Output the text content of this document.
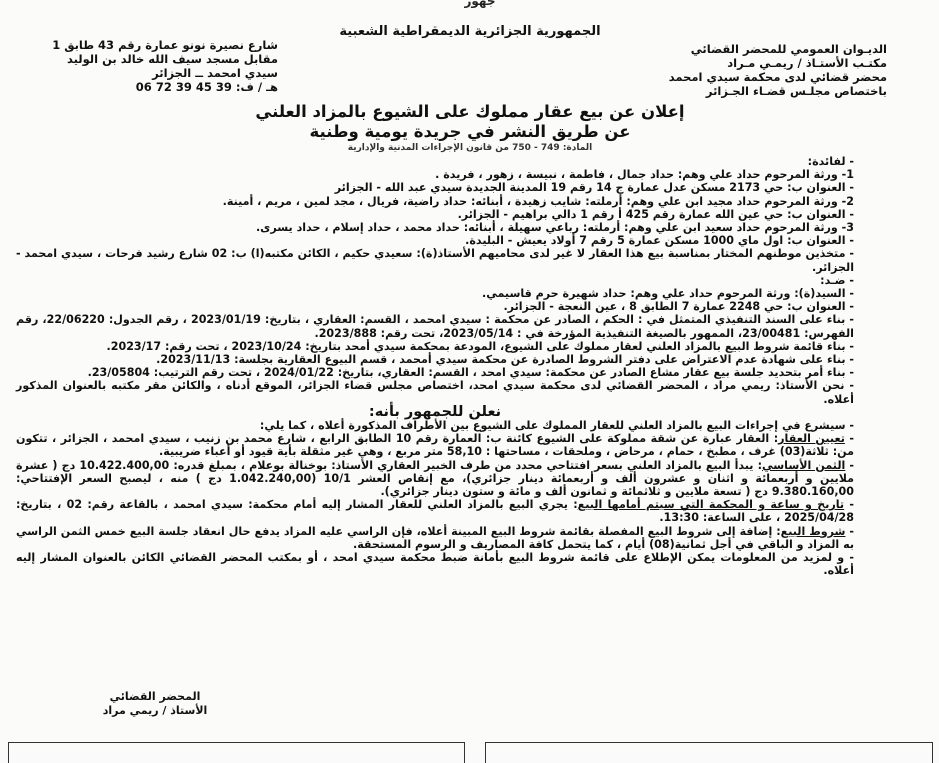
جهور
الجمهورية الجزائرية الديمقراطية الشعبية
الديـوان العمومي للمحضر القضائي
مكتـب الأستـاذ / ريمـي مـراد
محضر قضائي لدى محكمة سيدي امحمد
باختصاص مجلـس قضـاء الجـزائر
شارع نصيرة نونو عمارة رقم 43 طابق 1
مقابل مسجد سيف الله خالد بن الوليد
سيدي امحمد ــ الجزائر
هـ / ف: 39 45 39 72 06
إعلان عن بيع عقار مملوك على الشيوع بالمزاد العلني
عن طريق النشر في جريدة يومية وطنية
المادة: 749 - 750 من قانون الإجراءات المدنية والإدارية

- لفائدة:

1- ورثة المرحوم حداد علي وهم: حداد جمال ، فاطمة ، نبيسة ، زهور ، فريدة .

- العنوان ب: حي 2173 مسكن عدل عمارة ج 14 رقم 19 المدينة الجديدة سيدي عبد الله - الجزائر

2- ورثة المرحوم حداد مجيد ابن علي وهم: أرملته: شايب زهيدة ، أبنائه: حداد راضية، فريال ، مجد لمين ، مريم ، أمينة.

- العنوان ب: حي عين الله عمارة رقم 425 أ رقم 1 دالي براهيم - الجزائر.

3- ورثة المرحوم حداد سعيد ابن علي وهم: أرملته: رباعي سهيلة ، أبنائه: حداد محمد ، حداد إسلام ، حداد يسرى.

- العنوان ب: اول ماي 1000 مسكن عمارة 5 رقم 7 أولاد يعيش - البليدة.

- متخذين موطنهم المختار بمناسبة بيع هذا العقار لا غير لدى محاميهم الأستاذ(ة): سعيدي حكيم ، الكائن مكتبه(ا) ب: 02 شارع رشيد فرحات ، سيدي امحمد - الجزائر.

- ضـد:

- السيد(ة): ورثة المرحوم حداد علي وهم: حداد شهيرة حرم قاسيمي.

- العنوان ب: حي 2248 عمارة 7 الطابق 8 ، عين النعجة - الجزائر.

- بناء على السند التنفيذي المتمثل في : الحكم ، الصادر عن محكمة : سيدي امحمد ، القسم: العقاري ، بتاريخ: 2023/01/19 ، رقم الجدول: 22/06220، رقم الفهرس: 23/00481، الممهور بالصيغة التنفيذية المؤرخة في : 2023/05/14، تحت رقم: 2023/888.

- بناء قائمة شروط البيع بالمزاد العلني لعقار مملوك على الشيوع، المودعة بمحكمة سيدي أمحد بتاريخ: 2023/10/24 ، تحت رقم: 2023/17.

- بناء على شهادة عدم الاعتراض على دفتر الشروط الصادرة عن محكمة سيدي أمحمد ، قسم البيوع العقارية بجلسة: 2023/11/13.

- بناء أمر بتحديد جلسة بيع عقار مشاع الصادر عن محكمة: سيدي امحد ، القسم: العقاري، بتاريخ: 2024/01/22 ، تحت رقم الترتيب: 23/05804.

- نحن الأستاذ: ريمي مراد ، المحضر القضائي لدى محكمة سيدي امحد، اختصاص مجلس قضاء الجزائر، الموقع أدناه ، والكائن مقر مكتبه بالعنوان المذكور أعلاه.

نعلن للجمهور بأنه:

- سيشرع في إجراءات البيع بالمزاد العلني للعقار المملوك على الشيوع بين الأطراف المذكورة أعلاه ، كما يلي:

- تعيين العقار: العقار عبارة عن شقة مملوكة على الشيوع كائنة ب: العمارة رقم 10 الطابق الرابع ، شارع محمد بن زنيب ، سيدي امحمد ، الجزائر ، تتكون من: ثلاثة(03) غرف ، مطبخ ، حمام ، مرحاض ، وملحقات ، مساحتها : 58,10 متر مربع ، وهي غير مثقلة بأية قيود أو أعباء ضريبية.

- الثمن الأساسي: يبدأ البيع بالمزاد العلني بسعر افتتاحي محدد من طرف الخبير العقاري الأستاذ: بوخنالة بوعلام ، بمبلغ قدره: 10.422.400,00 دج ( عشرة ملايين و أربعمائة و اثنان و عشرون ألف و أربعمائة دينار جزائري)، مع إنقاص العشر 10/1 (1.042.240,00 دج ) منه ، ليصبح السعر الإفتتاحي: 9.380.160,00 دج ( تسعة ملايين و ثلاثمائة و ثمانون ألف و مائة و ستون دينار جزائري).

- تاريخ و ساعة و المحكمة التي سيتم أمامها البيع: يجري البيع بالمزاد العلني للعقار المشار إليه أمام محكمة: سيدي امحمد ، بالقاعة رقم: 02 ، بتاريخ: 2025/04/28 ، على الساعة: 13:30.

- شروط البيع: إضافة إلى شروط البيع المفصلة بقائمة شروط البيع المبينة أعلاه، فإن الراسي عليه المزاد يدفع حال انعقاد جلسة البيع خمس الثمن الراسي به المزاد و الباقي في أجل ثمانية(08) أيام ، كما يتحمل كافة المصاريف و الرسوم المستحقة.

- و لمزيد من المعلومات يمكن الإطلاع على قائمة شروط البيع بأمانة ضبط محكمة سيدي امحد ، أو بمكتب المحضر القضائي الكائن بالعنوان المشار إليه أعلاه.

المحضر القضائي
الأستاذ / ريمي مراد
